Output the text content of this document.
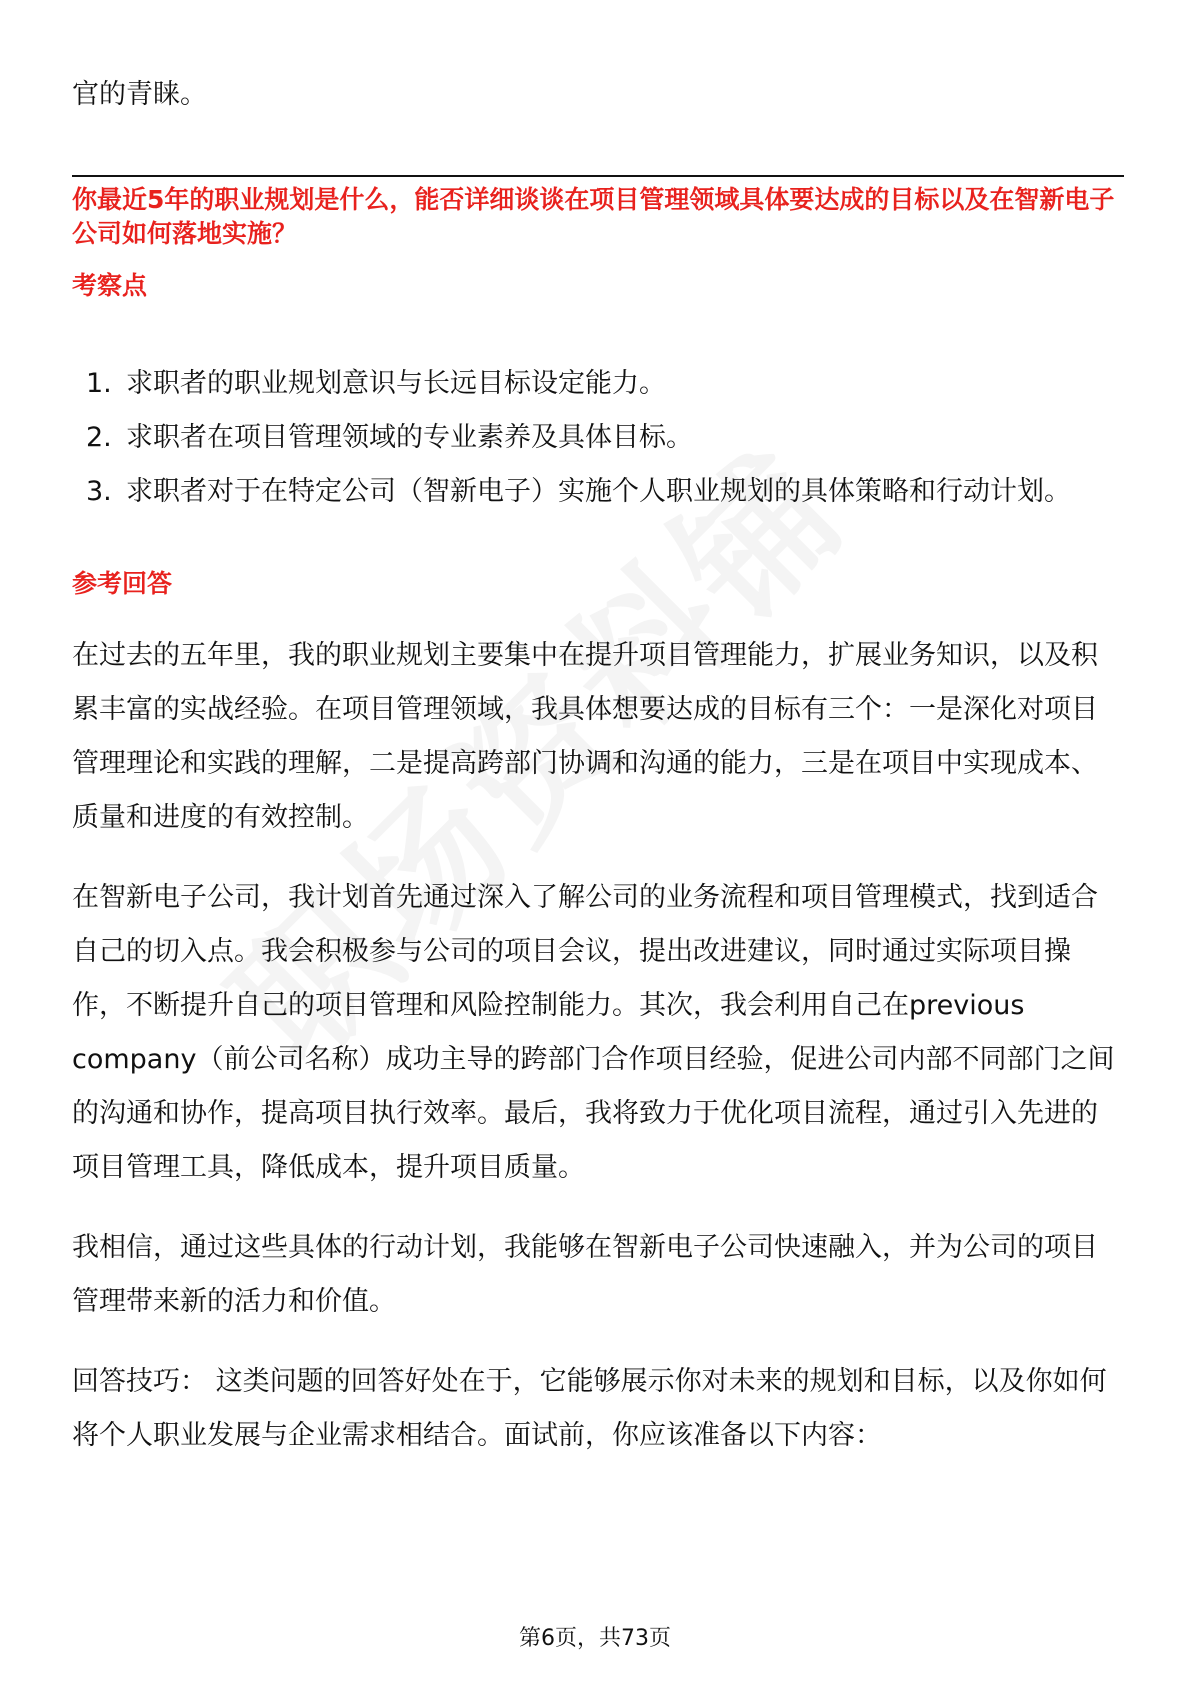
官的青睐。
你最近5年的职业规划是什么，能否详细谈谈在项目管理领域具体要达成的目标以及在智新电子公司如何落地实施？
考察点
1. 求职者的职业规划意识与长远目标设定能力。
2. 求职者在项目管理领域的专业素养及具体目标。
3. 求职者对于在特定公司（智新电子）实施个人职业规划的具体策略和行动计划。
参考回答
在过去的五年里，我的职业规划主要集中在提升项目管理能力，扩展业务知识，以及积累丰富的实战经验。在项目管理领域，我具体想要达成的目标有三个：一是深化对项目管理理论和实践的理解，二是提高跨部门协调和沟通的能力，三是在项目中实现成本、质量和进度的有效控制。
在智新电子公司，我计划首先通过深入了解公司的业务流程和项目管理模式，找到适合自己的切入点。我会积极参与公司的项目会议，提出改进建议，同时通过实际项目操作，不断提升自己的项目管理和风险控制能力。其次，我会利用自己在previous company（前公司名称）成功主导的跨部门合作项目经验，促进公司内部不同部门之间的沟通和协作，提高项目执行效率。最后，我将致力于优化项目流程，通过引入先进的项目管理工具，降低成本，提升项目质量。
我相信，通过这些具体的行动计划，我能够在智新电子公司快速融入，并为公司的项目管理带来新的活力和价值。
回答技巧： 这类问题的回答好处在于，它能够展示你对未来的规划和目标，以及你如何将个人职业发展与企业需求相结合。面试前，你应该准备以下内容：
第6页，共73页
